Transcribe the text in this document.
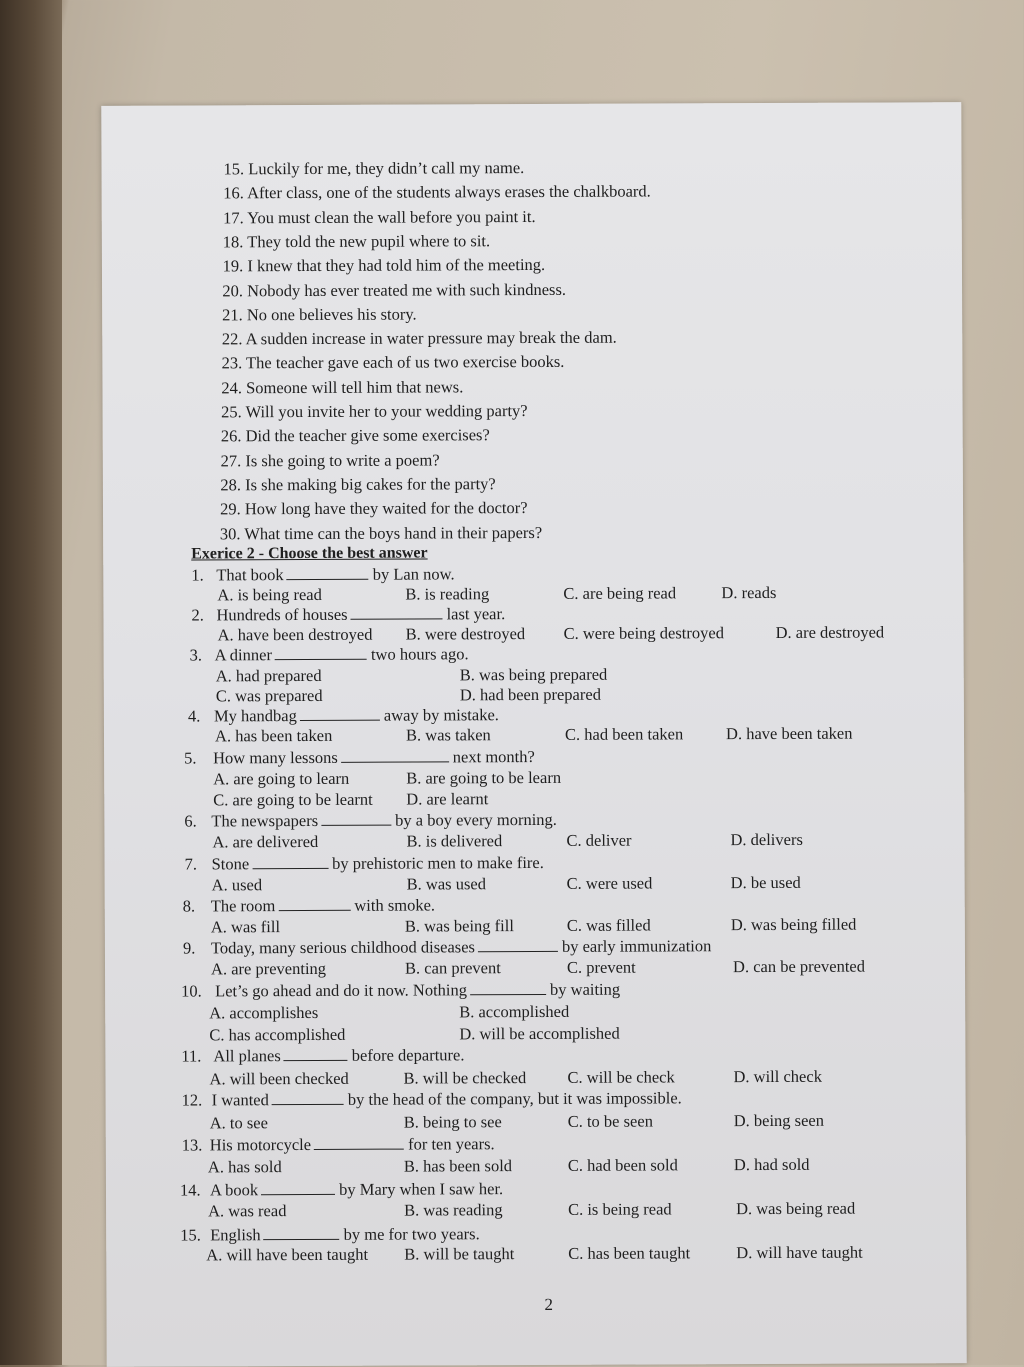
Exerice 2 - Choose the best answer
2
15. Luckily for me, they didn’t call my name.
16. After class, one of the students always erases the chalkboard.
17. You must clean the wall before you paint it.
18. They told the new pupil where to sit.
19. I knew that they had told him of the meeting.
20. Nobody has ever treated me with such kindness.
21. No one believes his story.
22. A sudden increase in water pressure may break the dam.
23. The teacher gave each of us two exercise books.
24. Someone will tell him that news.
25. Will you invite her to your wedding party?
26. Did the teacher give some exercises?
27. Is she going to write a poem?
28. Is she making big cakes for the party?
29. How long have they waited for the doctor?
30. What time can the boys hand in their papers?
1. That book	by Lan now.
A. is being read	B. is reading	C. are being read	D. reads
2. Hundreds of houses	last year.
A. have been destroyed B. were destroyed C. were being destroyed	D. are destroyed
3. A dinner	two hours ago.
A. had prepared	B. was being prepared
C. was prepared	D. had been prepared
4. My handbag	away by mistake.
A. has been taken	B. was taken	C. had been taken	D. have been taken
5. How many lessons	next month?
A. are going to learn	B. are going to be learn
C. are going to be learnt D. are learnt
6. The newspapers	by a boy every morning.
A. are delivered	B. is delivered	C. deliver	D. delivers
7. Stone	by prehistoric men to make fire.
A. used	B. was used	C. were used	D. be used
8. The room	with smoke.
A. was fill	B. was being fill	C. was filled	D. was being filled
9. Today, many serious childhood diseases	by early immunization
A. are preventing	B. can prevent	C. prevent	D. can be prevented
10. Let’s go ahead and do it now. Nothing	by waiting
A. accomplishes	B. accomplished
C. has accomplished	D. will be accomplished
11. All planes	before departure.
A. will been checked	B. will be checked C. will be check	D. will check
12. I wanted	by the head of the company, but it was impossible.
A. to see	B. being to see	C. to be seen	D. being seen
13. His motorcycle	for ten years.
A. has sold	B. has been sold	C. had been sold	D. had sold
14. A book	by Mary when I saw her.
A. was read	B. was reading	C. is being read	D. was being read
15. English	by me for two years.
A. will have been taught B. will be taught	C. has been taught	D. will have taught
